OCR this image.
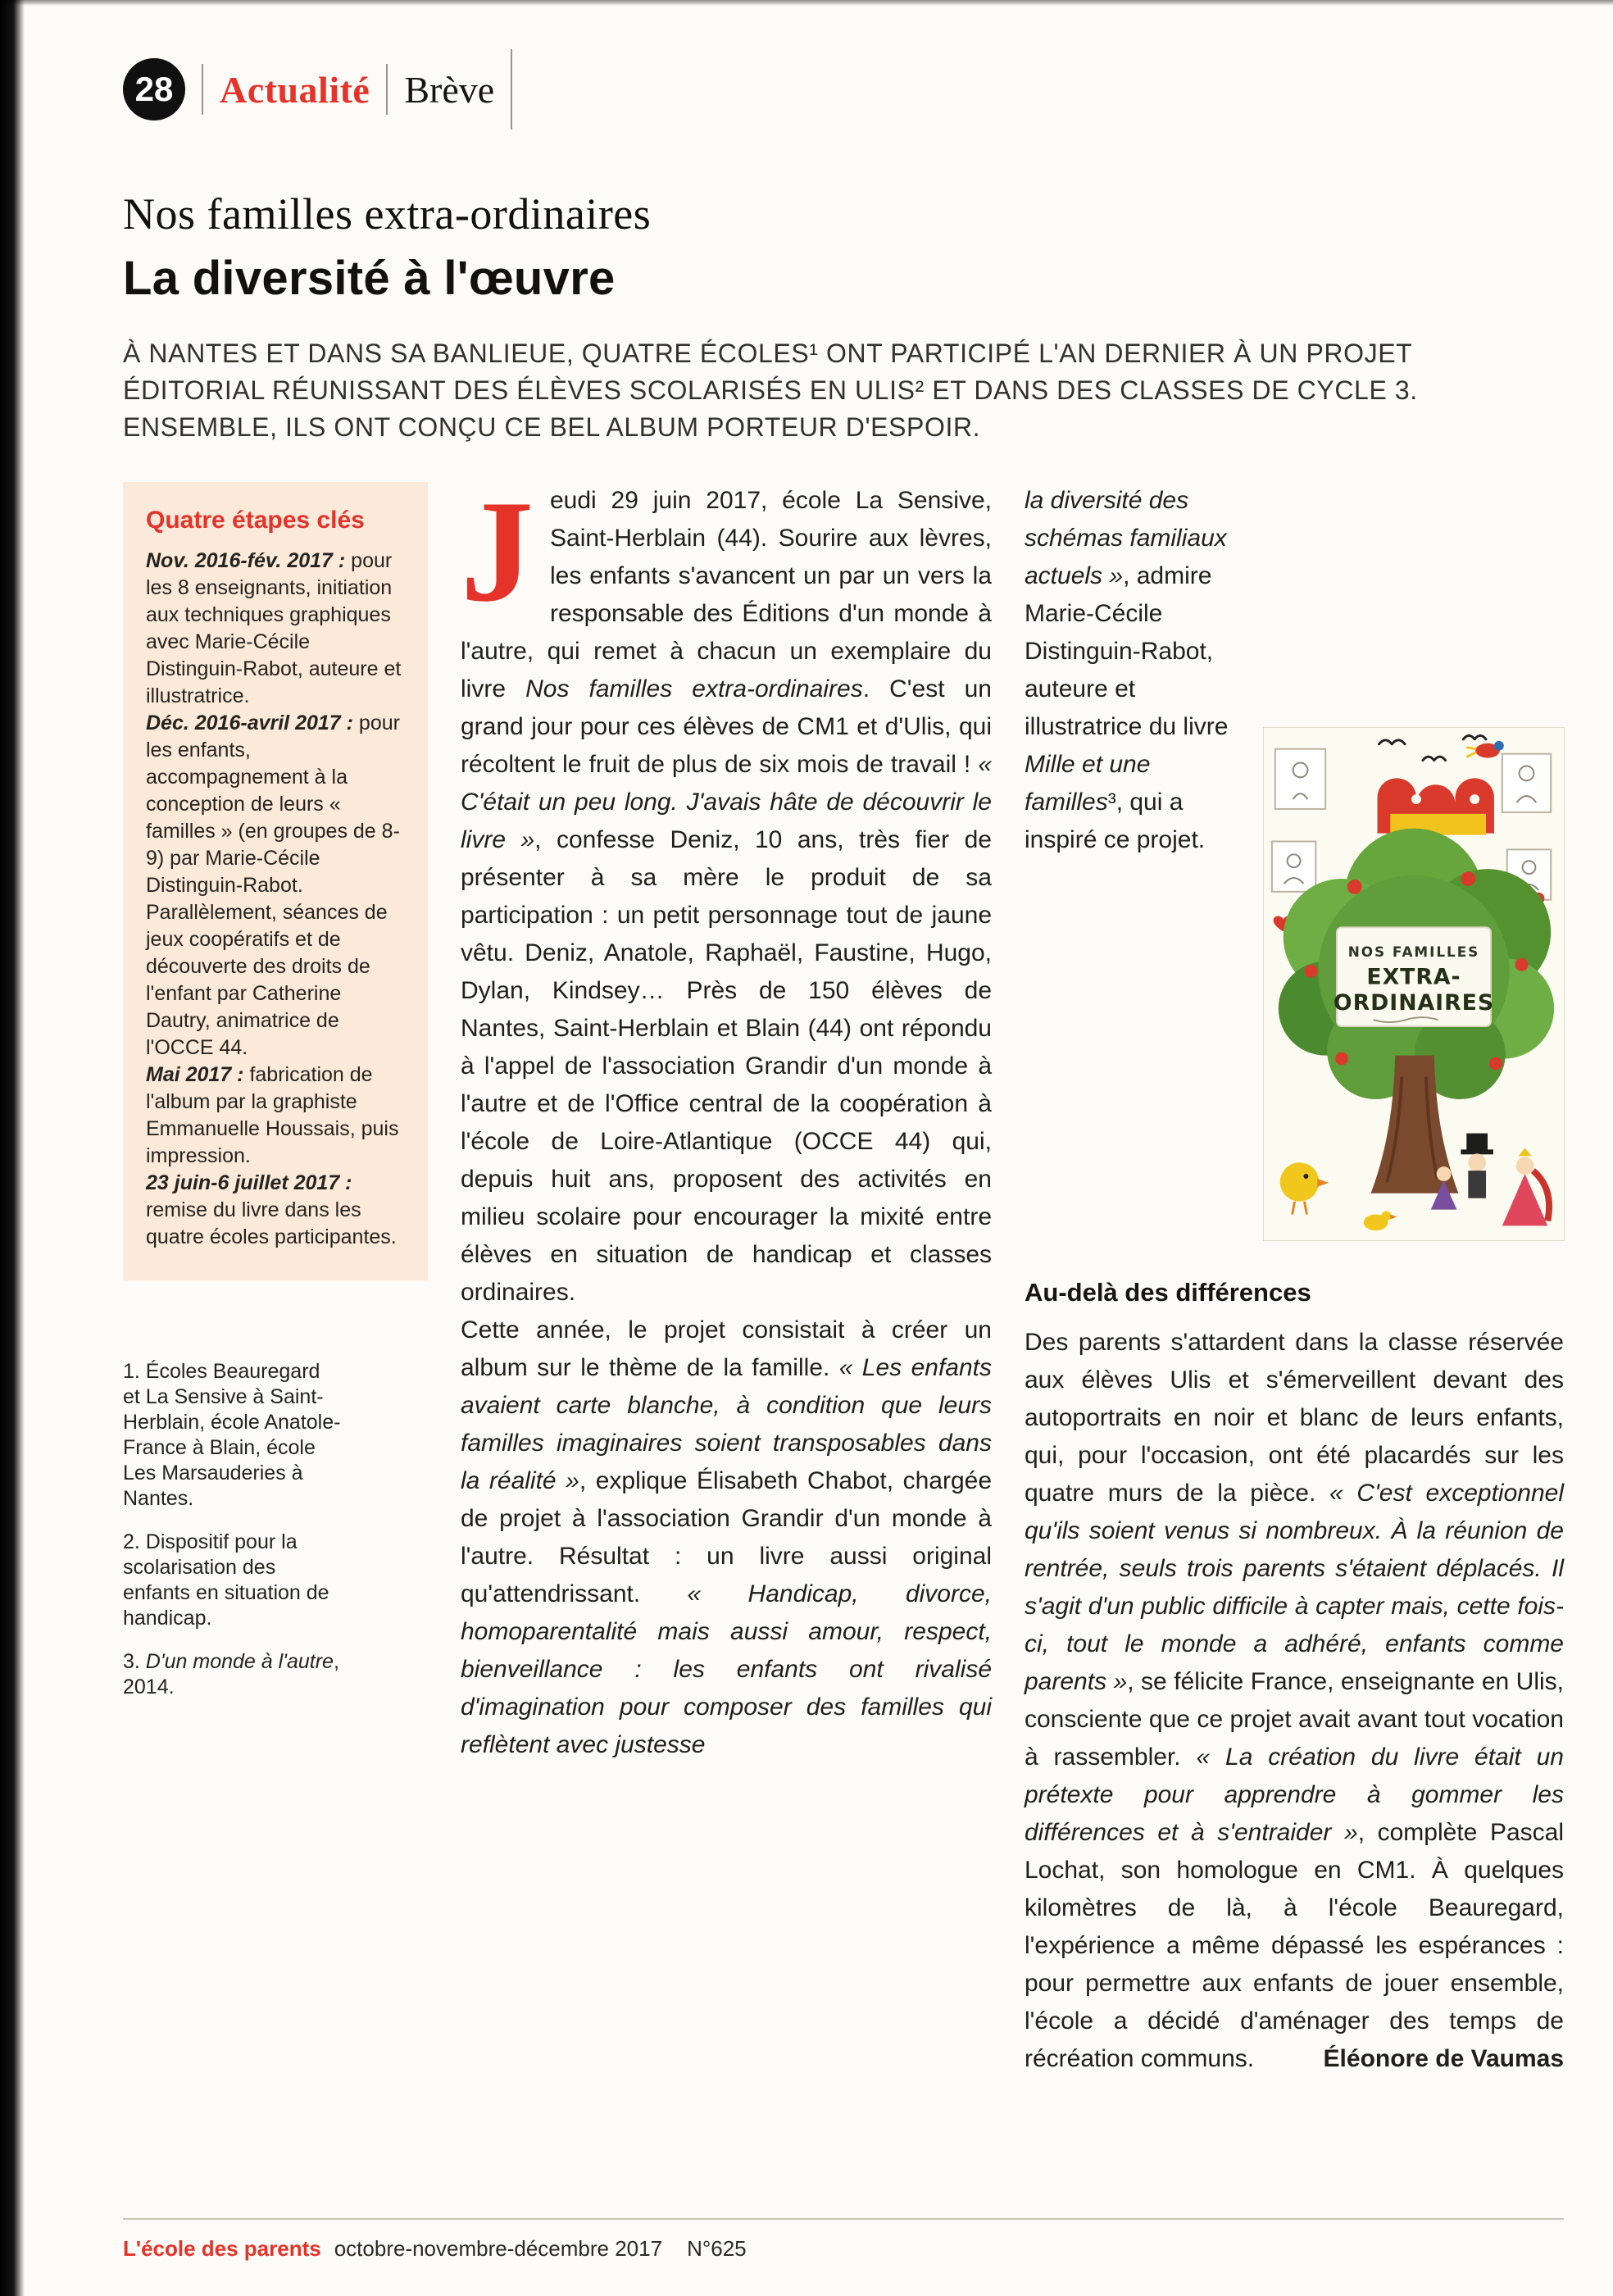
28	Actualité Brève
Nos familles extra-ordinaires
La diversité à l'œuvre

À NANTES ET DANS SA BANLIEUE, QUATRE ÉCOLES¹ ONT PARTICIPÉ L'AN DERNIER À UN PROJET ÉDITORIAL RÉUNISSANT DES ÉLÈVES SCOLARISÉS EN ULIS² ET DANS DES CLASSES DE CYCLE 3. ENSEMBLE, ILS ONT CONÇU CE BEL ALBUM PORTEUR D'ESPOIR.

Quatre étapes clés

Nov. 2016-fév. 2017 : pour les 8 enseignants, initiation aux techniques graphiques avec Marie-Cécile Distinguin-Rabot, auteure et illustratrice.

Déc. 2016-avril 2017 : pour les enfants, accompagnement à la conception de leurs « familles » (en groupes de 8-9) par Marie-Cécile Distinguin-Rabot. Parallèlement, séances de jeux coopératifs et de découverte des droits de l'enfant par Catherine Dautry, animatrice de l'OCCE 44.

Mai 2017 : fabrication de l'album par la graphiste Emmanuelle Houssais, puis impression.

23 juin-6 juillet 2017 : remise du livre dans les quatre écoles participantes.

1. Écoles Beauregard et La Sensive à Saint-Herblain, école Anatole-France à Blain, école Les Marsauderies à Nantes.

2. Dispositif pour la scolarisation des enfants en situation de handicap.

3. D'un monde à l'autre, 2014.

Jeudi 29 juin 2017, école La Sensive, Saint-Herblain (44). Sourire aux lèvres, les enfants s'avancent un par un vers la responsable des Éditions d'un monde à l'autre, qui remet à chacun un exemplaire du livre Nos familles extra-ordinaires. C'est un grand jour pour ces élèves de CM1 et d'Ulis, qui récoltent le fruit de plus de six mois de travail ! « C'était un peu long. J'avais hâte de découvrir le livre », confesse Deniz, 10 ans, très fier de présenter à sa mère le produit de sa participation : un petit personnage tout de jaune vêtu. Deniz, Anatole, Raphaël, Faustine, Hugo, Dylan, Kindsey… Près de 150 élèves de Nantes, Saint-Herblain et Blain (44) ont répondu à l'appel de l'association Grandir d'un monde à l'autre et de l'Office central de la coopération à l'école de Loire-Atlantique (OCCE 44) qui, depuis huit ans, proposent des activités en milieu scolaire pour encourager la mixité entre élèves en situation de handicap et classes ordinaires.

Cette année, le projet consistait à créer un album sur le thème de la famille. « Les enfants avaient carte blanche, à condition que leurs familles imaginaires soient transposables dans la réalité », explique Élisabeth Chabot, chargée de projet à l'association Grandir d'un monde à l'autre. Résultat : un livre aussi original qu'attendrissant. « Handicap, divorce, homoparentalité mais aussi amour, respect, bienveillance : les enfants ont rivalisé d'imagination pour composer des familles qui reflètent avec justesse

la diversité des schémas familiaux actuels », admire Marie-Cécile Distinguin-Rabot, auteure et illustratrice du livre Mille et une familles³, qui a inspiré ce projet.

NOS FAMILLES
EXTRA-
ORDINAIRES
Au-delà des différences

Des parents s'attardent dans la classe réservée aux élèves Ulis et s'émerveillent devant des autoportraits en noir et blanc de leurs enfants, qui, pour l'occasion, ont été placardés sur les quatre murs de la pièce. « C'est exceptionnel qu'ils soient venus si nombreux. À la réunion de rentrée, seuls trois parents s'étaient déplacés. Il s'agit d'un public difficile à capter mais, cette fois-ci, tout le monde a adhéré, enfants comme parents », se félicite France, enseignante en Ulis, consciente que ce projet avait avant tout vocation à rassembler. « La création du livre était un prétexte pour apprendre à gommer les différences et à s'entraider », complète Pascal Lochat, son homologue en CM1. À quelques kilomètres de là, à l'école Beauregard, l'expérience a même dépassé les espérances : pour permettre aux enfants de jouer ensemble, l'école a décidé d'aménager des temps de récréation communs.	Éléonore de Vaumas

L'école des parents octobre-novembre-décembre 2017 N°625
